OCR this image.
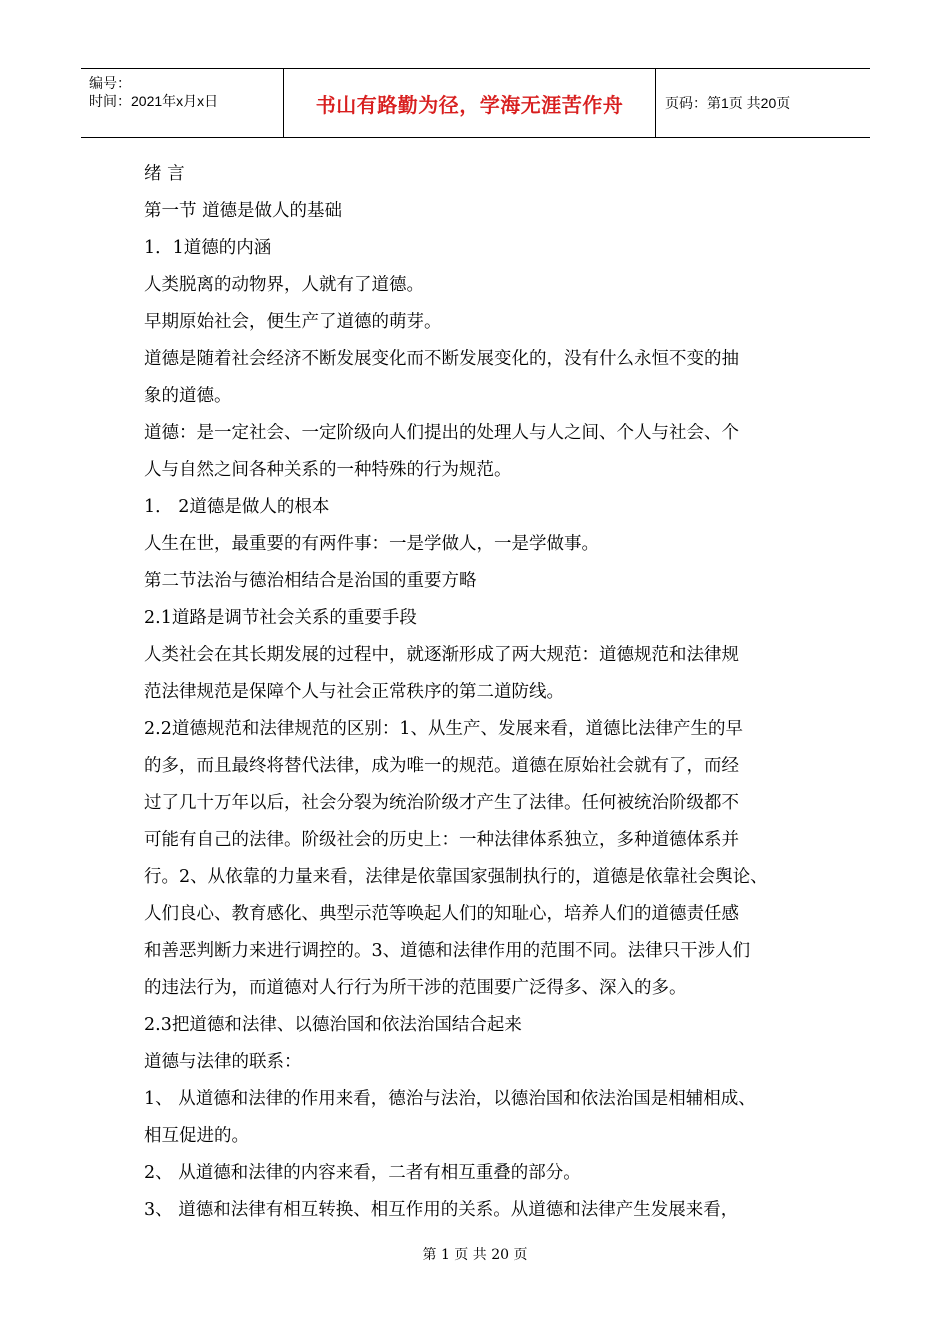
编号：
时间：2021年x月x日	书山有路勤为径，学海无涯苦作舟	页码：第1页 共20页

绪 言

第一节 道德是做人的基础

1．1道德的内涵

人类脱离的动物界，人就有了道德。

早期原始社会，便生产了道德的萌芽。

道德是随着社会经济不断发展变化而不断发展变化的，没有什么永恒不变的抽

象的道德。

道德：是一定社会、一定阶级向人们提出的处理人与人之间、个人与社会、个

人与自然之间各种关系的一种特殊的行为规范。

1． 2道德是做人的根本

人生在世，最重要的有两件事：一是学做人，一是学做事。

第二节法治与德治相结合是治国的重要方略

2.1道路是调节社会关系的重要手段

人类社会在其长期发展的过程中，就逐渐形成了两大规范：道德规范和法律规

范法律规范是保障个人与社会正常秩序的第二道防线。

2.2道德规范和法律规范的区别：1、从生产、发展来看，道德比法律产生的早

的多，而且最终将替代法律，成为唯一的规范。道德在原始社会就有了，而经

过了几十万年以后，社会分裂为统治阶级才产生了法律。任何被统治阶级都不

可能有自己的法律。阶级社会的历史上：一种法律体系独立，多种道德体系并

行。2、从依靠的力量来看，法律是依靠国家强制执行的，道德是依靠社会舆论、

人们良心、教育感化、典型示范等唤起人们的知耻心，培养人们的道德责任感

和善恶判断力来进行调控的。3、道德和法律作用的范围不同。法律只干涉人们

的违法行为，而道德对人行行为所干涉的范围要广泛得多、深入的多。

2.3把道德和法律、以德治国和依法治国结合起来

道德与法律的联系：

1、 从道德和法律的作用来看，德治与法治，以德治国和依法治国是相辅相成、

相互促进的。

2、 从道德和法律的内容来看，二者有相互重叠的部分。

3、 道德和法律有相互转换、相互作用的关系。从道德和法律产生发展来看，

第 1 页 共 20 页
